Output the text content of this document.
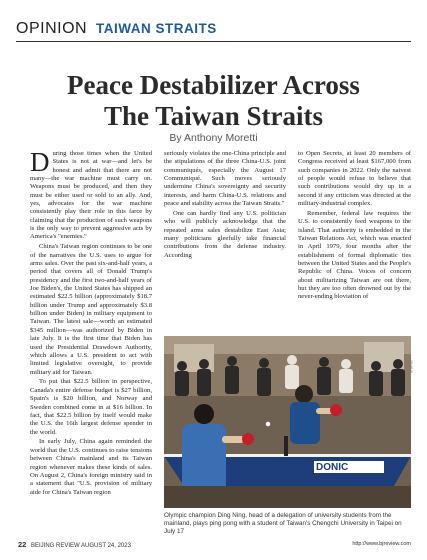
OPINION TAIWAN STRAITS
Peace Destabilizer Across
The Taiwan Straits
By Anthony Moretti

During those times when the United States is not at war—and let's be honest and admit that there are not many—the war machine must carry on. Weapons must be produced, and then they must be either used or sold to an ally. And, yes, advocates for the war machine consistently play their role in this farce by claiming that the production of such weapons is the only way to prevent aggressive acts by America's "enemies."

China's Taiwan region continues to be one of the narratives the U.S. uses to argue for arms sales. Over the past six-and-half years, a period that covers all of Donald Trump's presidency and the first two-and-half years of Joe Biden's, the United States has shipped an estimated $22.5 billion (approximately $18.7 billion under Trump and approximately $3.8 billion under Biden) in military equipment to Taiwan. The latest sale—worth an estimated $345 million—was authorized by Biden in late July. It is the first time that Biden has used the Presidential Drawdown Authority, which allows a U.S. president to act with limited legislative oversight, to provide military aid for Taiwan.

To put that $22.5 billion in perspective, Canada's entire defense budget is $27 billion, Spain's is $20 billion, and Norway and Sweden combined come in at $16 billion. In fact, that $22.5 billion by itself would make the U.S. the 16th largest defense spender in the world.

In early July, China again reminded the world that the U.S. continues to raise tensions between China's mainland and its Taiwan region whenever makes these kinds of sales. On August 2, China's foreign ministry said in a statement that "U.S. provision of military aide for China's Taiwan region

seriously violates the one-China principle and the stipulations of the three China-U.S. joint communiqués, especially the August 17 Communiqué. Such moves seriously undermine China's sovereignty and security interests, and harm China-U.S. relations and peace and stability across the Taiwan Straits."

One can hardly find any U.S. politician who will publicly acknowledge that the repeated arms sales destabilize East Asia; many politicians gleefully take financial contributions from the defense industry. According

to Open Secrets, at least 20 members of Congress received at least $167,000 from such companies in 2022. Only the naivest of people would refuse to believe that such contributions would dry up in a second if any criticism was directed at the military-industrial complex.

Remember, federal law requires the U.S. to consistently feed weapons to the island. That authority is embedded in the Taiwan Relations Act, which was enacted in April 1979, four months after the establishment of formal diplomatic ties between the United States and the People's Republic of China. Voices of concern about militarizing Taiwan are out there, but they are too often drowned out by the never-ending bloviation of

DONIC
XINHUA
Olympic champion Ding Ning, head of a delegation of university students from the mainland, plays ping pong with a student of Taiwan's Chengchi University in Taipei on July 17
22 BEIJING REVIEW AUGUST 24, 2023	http://www.bjreview.com
